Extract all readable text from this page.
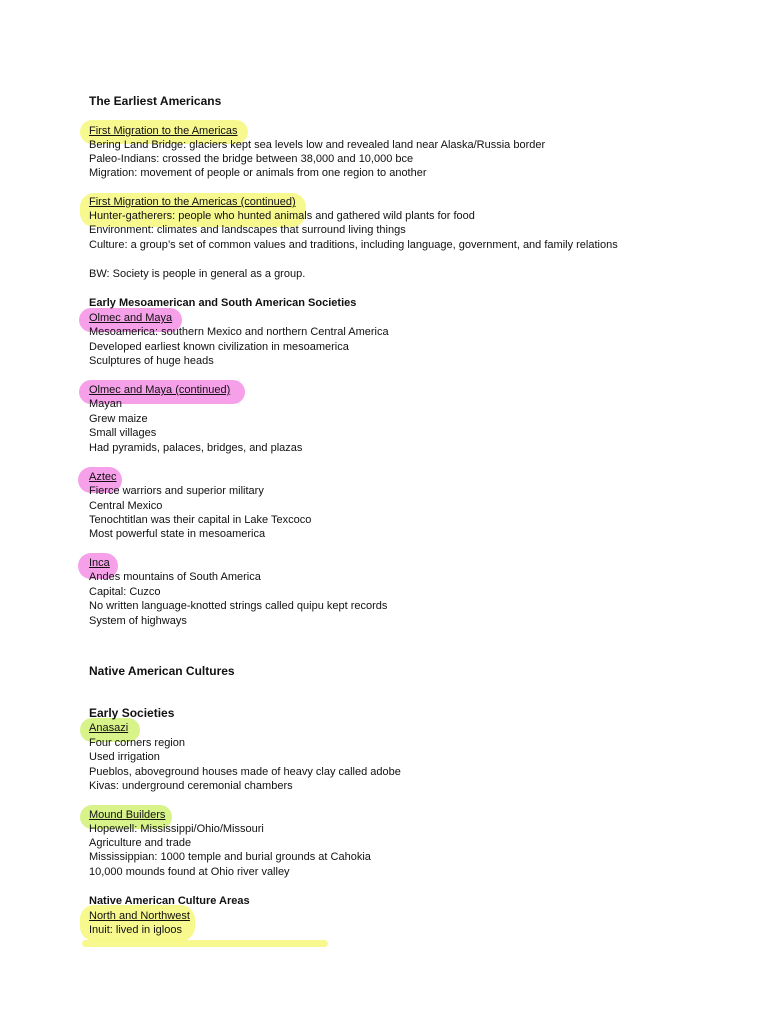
The Earliest Americans
First Migration to the Americas
Bering Land Bridge: glaciers kept sea levels low and revealed land near Alaska/Russia border
Paleo-Indians: crossed the bridge between 38,000 and 10,000 bce
Migration: movement of people or animals from one region to another
First Migration to the Americas (continued)
Hunter-gatherers: people who hunted animals and gathered wild plants for food
Environment: climates and landscapes that surround living things
Culture: a group’s set of common values and traditions, including language, government, and family relations
BW: Society is people in general as a group.
Early Mesoamerican and South American Societies
Olmec and Maya
Mesoamerica: southern Mexico and northern Central America
Developed earliest known civilization in mesoamerica
Sculptures of huge heads
Olmec and Maya (continued)
Mayan
Grew maize
Small villages
Had pyramids, palaces, bridges, and plazas
Aztec
Fierce warriors and superior military
Central Mexico
Tenochtitlan was their capital in Lake Texcoco
Most powerful state in mesoamerica
Inca
Andes mountains of South America
Capital: Cuzco
No written language-knotted strings called quipu kept records
System of highways
Native American Cultures
Early Societies
Anasazi
Four corners region
Used irrigation
Pueblos, aboveground houses made of heavy clay called adobe
Kivas: underground ceremonial chambers
Mound Builders
Hopewell: Mississippi/Ohio/Missouri
Agriculture and trade
Mississippian: 1000 temple and burial grounds at Cahokia
10,000 mounds found at Ohio river valley
Native American Culture Areas
North and Northwest
Inuit: lived in igloos
